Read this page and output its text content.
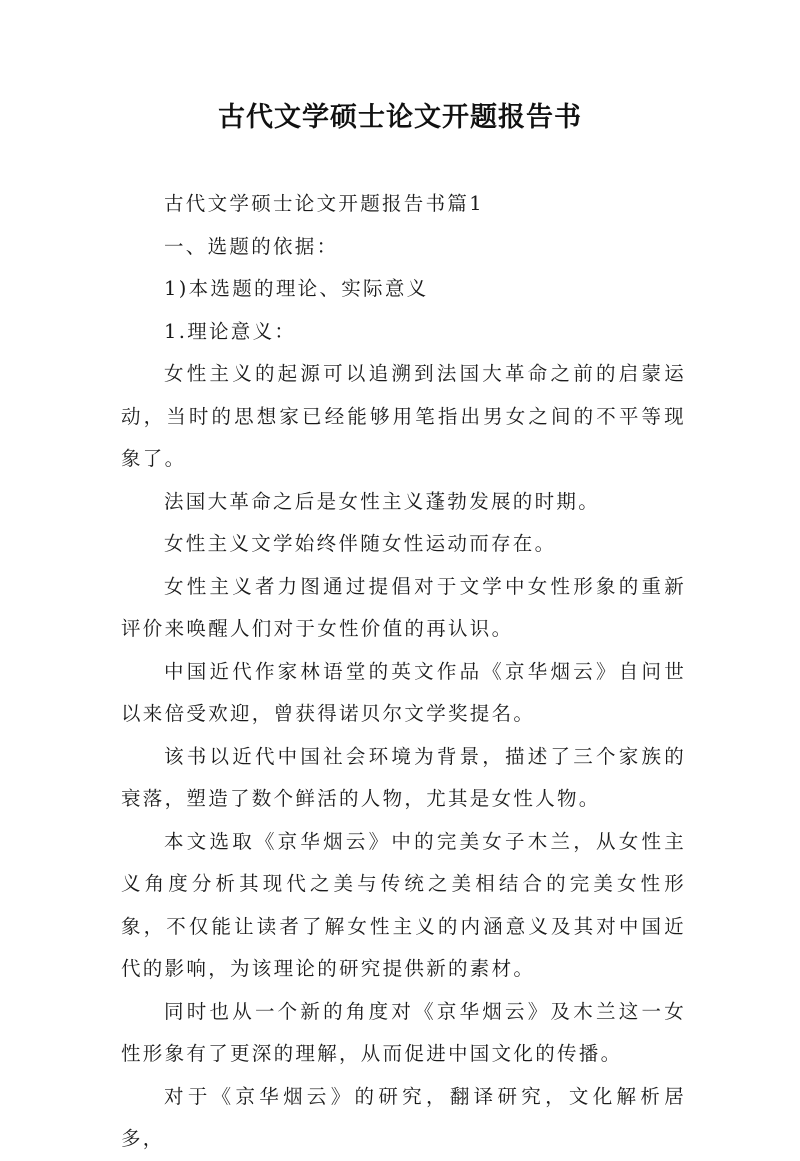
古代文学硕士论文开题报告书

古代文学硕士论文开题报告书篇1

一、选题的依据：

1)本选题的理论、实际意义

1.理论意义：

女性主义的起源可以追溯到法国大革命之前的启蒙运动，当时的思想家已经能够用笔指出男女之间的不平等现象了。

法国大革命之后是女性主义蓬勃发展的时期。

女性主义文学始终伴随女性运动而存在。

女性主义者力图通过提倡对于文学中女性形象的重新评价来唤醒人们对于女性价值的再认识。

中国近代作家林语堂的英文作品《京华烟云》自问世以来倍受欢迎，曾获得诺贝尔文学奖提名。

该书以近代中国社会环境为背景，描述了三个家族的衰落，塑造了数个鲜活的人物，尤其是女性人物。

本文选取《京华烟云》中的完美女子木兰，从女性主义角度分析其现代之美与传统之美相结合的完美女性形象，不仅能让读者了解女性主义的内涵意义及其对中国近代的影响，为该理论的研究提供新的素材。

同时也从一个新的角度对《京华烟云》及木兰这一女性形象有了更深的理解，从而促进中国文化的传播。

对于《京华烟云》的研究，翻译研究，文化解析居多，
